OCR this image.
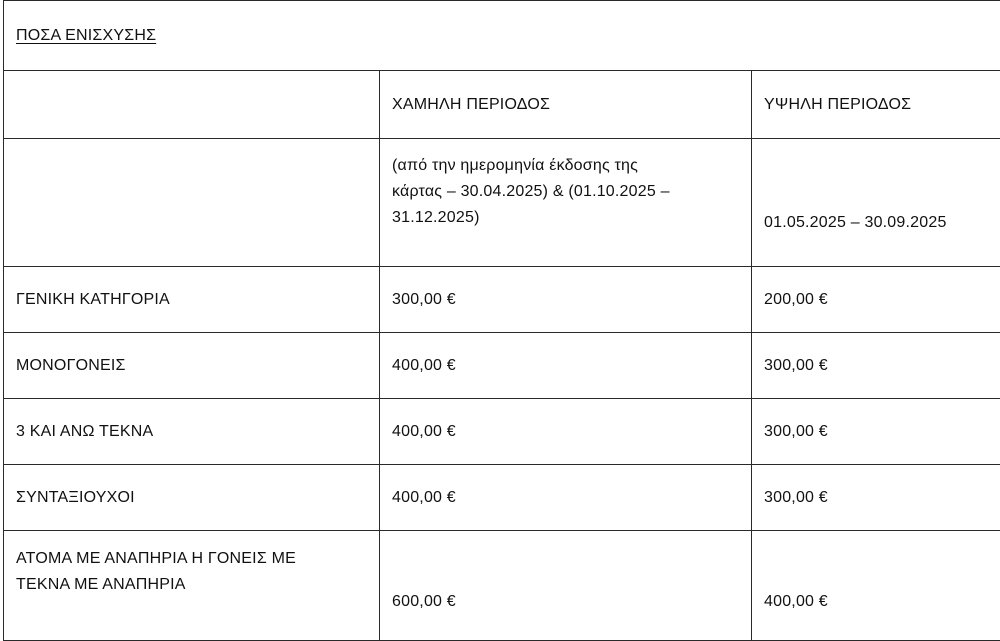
ΠΟΣΑ ΕΝΙΣΧΥΣΗΣ		
	ΧΑΜΗΛΗ ΠΕΡΙΟΔΟΣ	ΥΨΗΛΗ ΠΕΡΙΟΔΟΣ

	(από την ημερομηνία έκδοσης της
κάρτας – 30.04.2025) & (01.10.2025 –
31.12.2025)	01.05.2025 – 30.09.2025
ΓΕΝΙΚΗ ΚΑΤΗΓΟΡΙΑ	300,00 €	200,00 €
ΜΟΝΟΓΟΝΕΙΣ	400,00 €	300,00 €
3 ΚΑΙ ΑΝΩ ΤΕΚΝΑ	400,00 €	300,00 €
ΣΥΝΤΑΞΙΟΥΧΟΙ	400,00 €	300,00 €

ΑΤΟΜΑ ΜΕ ΑΝΑΠΗΡΙΑ Η ΓΟΝΕΙΣ ΜΕ
ΤΕΚΝΑ ΜΕ ΑΝΑΠΗΡΙΑ	600,00 €	400,00 €
